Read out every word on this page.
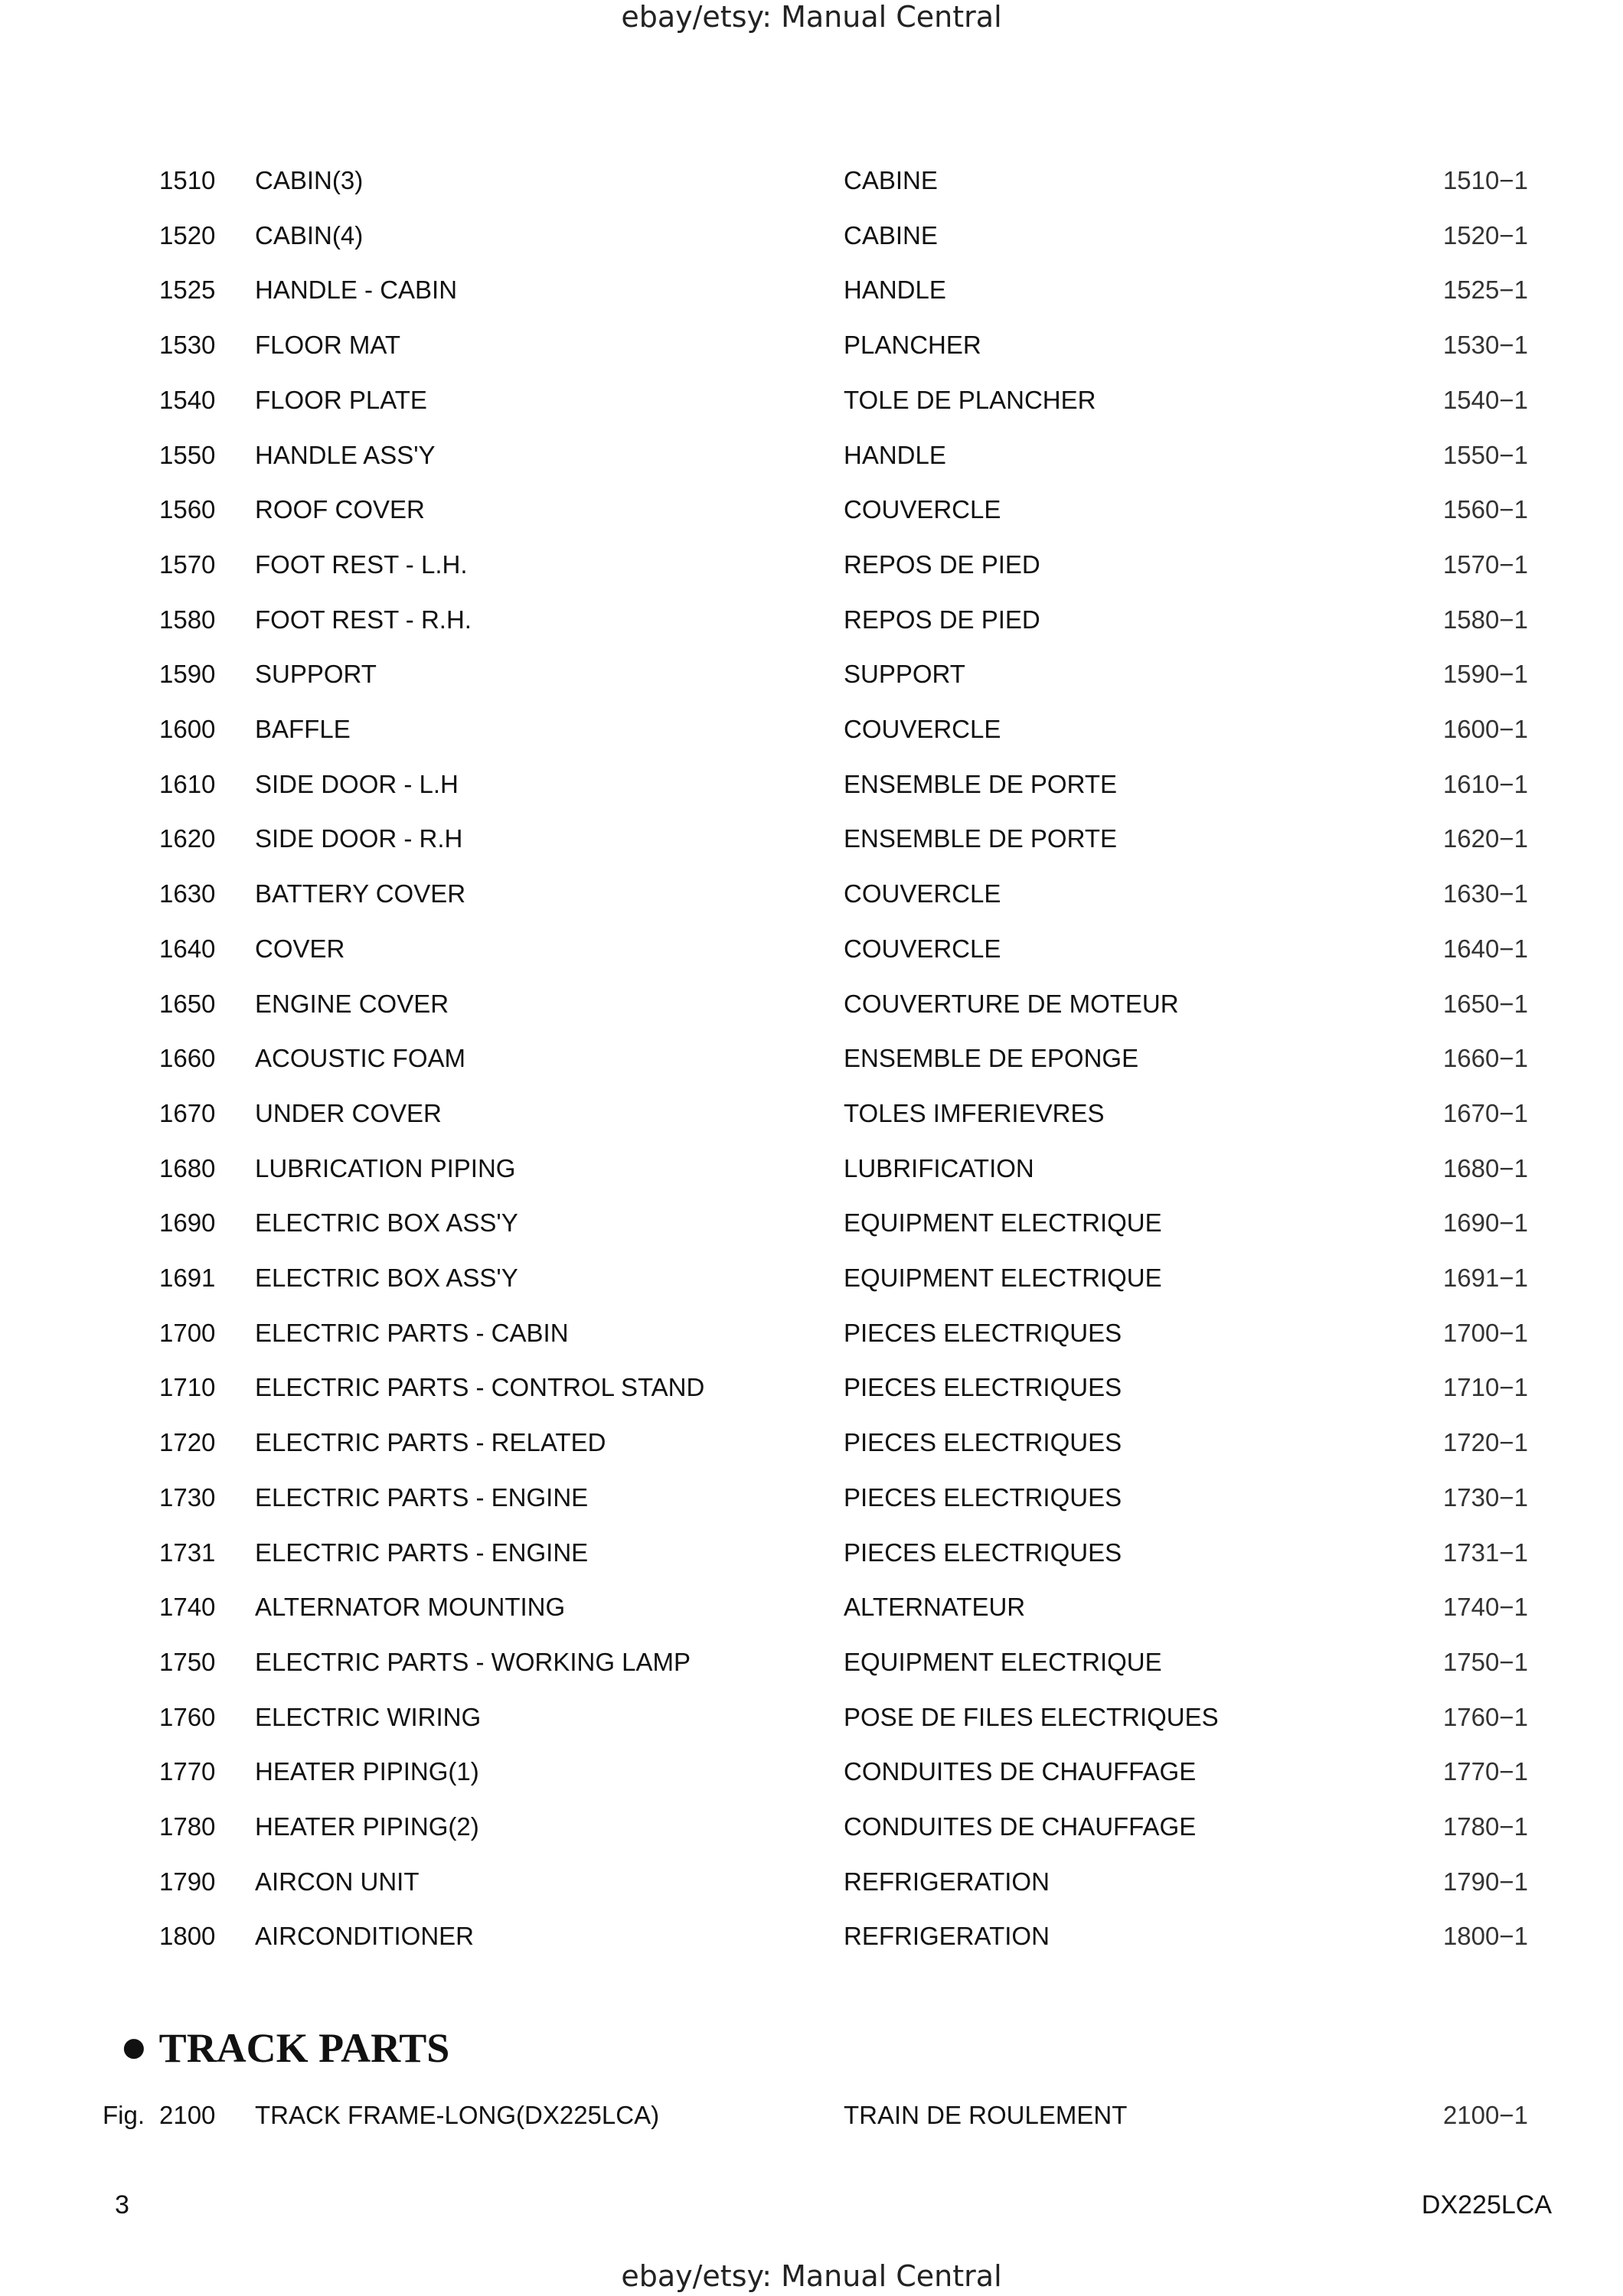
ebay/etsy: Manual Central
1510 CABIN(3)	CABINE	1510−1
1520 CABIN(4)	CABINE	1520−1
1525 HANDLE - CABIN	HANDLE	1525−1
1530 FLOOR MAT	PLANCHER	1530−1
1540 FLOOR PLATE	TOLE DE PLANCHER	1540−1
1550 HANDLE ASS'Y	HANDLE	1550−1
1560 ROOF COVER	COUVERCLE	1560−1
1570 FOOT REST - L.H.	REPOS DE PIED	1570−1
1580 FOOT REST - R.H.	REPOS DE PIED	1580−1
1590 SUPPORT	SUPPORT	1590−1
1600 BAFFLE	COUVERCLE	1600−1
1610 SIDE DOOR - L.H	ENSEMBLE DE PORTE	1610−1
1620 SIDE DOOR - R.H	ENSEMBLE DE PORTE	1620−1
1630 BATTERY COVER	COUVERCLE	1630−1
1640 COVER	COUVERCLE	1640−1
1650 ENGINE COVER	COUVERTURE DE MOTEUR	1650−1
1660 ACOUSTIC FOAM	ENSEMBLE DE EPONGE	1660−1
1670 UNDER COVER	TOLES IMFERIEVRES	1670−1
1680 LUBRICATION PIPING	LUBRIFICATION	1680−1
1690 ELECTRIC BOX ASS'Y	EQUIPMENT ELECTRIQUE	1690−1
1691 ELECTRIC BOX ASS'Y	EQUIPMENT ELECTRIQUE	1691−1
1700 ELECTRIC PARTS - CABIN	PIECES ELECTRIQUES	1700−1
1710 ELECTRIC PARTS - CONTROL STAND	PIECES ELECTRIQUES	1710−1
1720 ELECTRIC PARTS - RELATED	PIECES ELECTRIQUES	1720−1
1730 ELECTRIC PARTS - ENGINE	PIECES ELECTRIQUES	1730−1
1731 ELECTRIC PARTS - ENGINE	PIECES ELECTRIQUES	1731−1
1740 ALTERNATOR MOUNTING	ALTERNATEUR	1740−1
1750 ELECTRIC PARTS - WORKING LAMP	EQUIPMENT ELECTRIQUE	1750−1
1760 ELECTRIC WIRING	POSE DE FILES ELECTRIQUES	1760−1
1770 HEATER PIPING(1)	CONDUITES DE CHAUFFAGE	1770−1
1780 HEATER PIPING(2)	CONDUITES DE CHAUFFAGE	1780−1
1790 AIRCON UNIT	REFRIGERATION	1790−1
1800 AIRCONDITIONER	REFRIGERATION	1800−1
● TRACK PARTS
Fig. 2100 TRACK FRAME-LONG(DX225LCA)	TRAIN DE ROULEMENT	2100−1
3	DX225LCA
ebay/etsy: Manual Central
